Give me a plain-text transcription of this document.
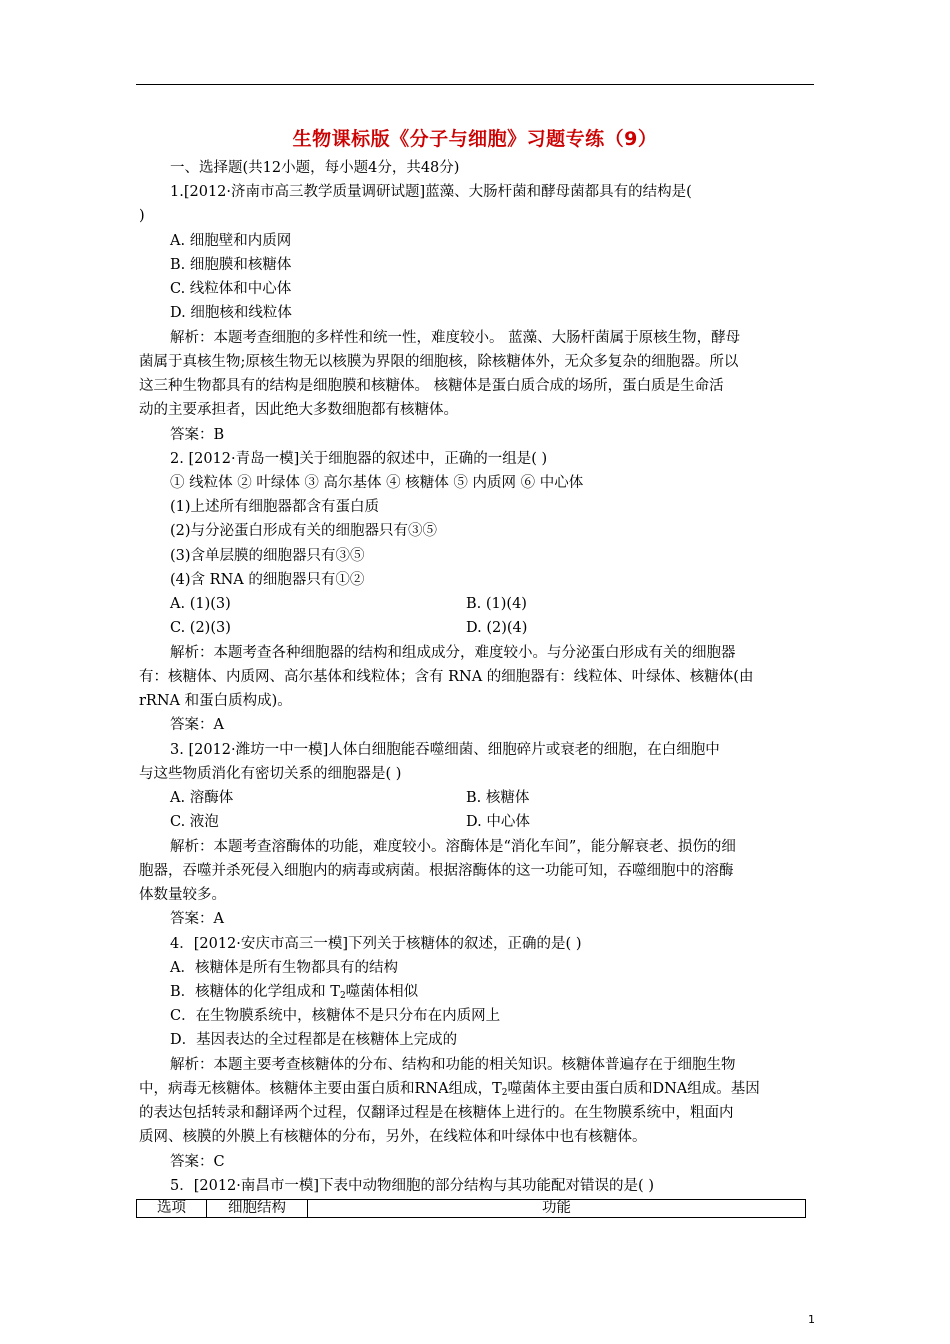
生物课标版《分子与细胞》习题专练（9）
一、选择题(共12小题，每小题4分，共48分)
1.[2012·济南市高三教学质量调研试题]蓝藻、大肠杆菌和酵母菌都具有的结构是(
)
A. 细胞壁和内质网
B. 细胞膜和核糖体
C. 线粒体和中心体
D. 细胞核和线粒体
解析：本题考查细胞的多样性和统一性，难度较小。 蓝藻、大肠杆菌属于原核生物，酵母
菌属于真核生物;原核生物无以核膜为界限的细胞核，除核糖体外，无众多复杂的细胞器。所以
这三种生物都具有的结构是细胞膜和核糖体。 核糖体是蛋白质合成的场所，蛋白质是生命活
动的主要承担者，因此绝大多数细胞都有核糖体。
答案：B
2. [2012·青岛一模]关于细胞器的叙述中，正确的一组是( )
① 线粒体 ② 叶绿体 ③ 高尔基体 ④ 核糖体 ⑤ 内质网 ⑥ 中心体
(1)上述所有细胞器都含有蛋白质
(2)与分泌蛋白形成有关的细胞器只有③⑤
(3)含单层膜的细胞器只有③⑤
(4)含 RNA 的细胞器只有①②
A. (1)(3)	B. (1)(4)
C. (2)(3)	D. (2)(4)
解析：本题考查各种细胞器的结构和组成成分，难度较小。与分泌蛋白形成有关的细胞器
有：核糖体、内质网、高尔基体和线粒体；含有 RNA 的细胞器有：线粒体、叶绿体、核糖体(由
rRNA 和蛋白质构成)。
答案：A
3. [2012·潍坊一中一模]人体白细胞能吞噬细菌、细胞碎片或衰老的细胞，在白细胞中
与这些物质消化有密切关系的细胞器是( )
A. 溶酶体	B. 核糖体
C. 液泡	D. 中心体
解析：本题考查溶酶体的功能，难度较小。溶酶体是“消化车间”，能分解衰老、损伤的细
胞器，吞噬并杀死侵入细胞内的病毒或病菌。根据溶酶体的这一功能可知，吞噬细胞中的溶酶
体数量较多。
答案：A
4．[2012·安庆市高三一模]下列关于核糖体的叙述，正确的是( )
A．核糖体是所有生物都具有的结构
B．核糖体的化学组成和 $T_2$噬菌体相似
C．在生物膜系统中，核糖体不是只分布在内质网上
D．基因表达的全过程都是在核糖体上完成的
解析：本题主要考查核糖体的分布、结构和功能的相关知识。核糖体普遍存在于细胞生物
中，病毒无核糖体。核糖体主要由蛋白质和RNA组成，$T_2$噬菌体主要由蛋白质和DNA组成。基因
的表达包括转录和翻译两个过程，仅翻译过程是在核糖体上进行的。在生物膜系统中，粗面内
质网、核膜的外膜上有核糖体的分布，另外，在线粒体和叶绿体中也有核糖体。
答案：C
5．[2012·南昌市一模]下表中动物细胞的部分结构与其功能配对错误的是( )
选项	细胞结构	功能
1
